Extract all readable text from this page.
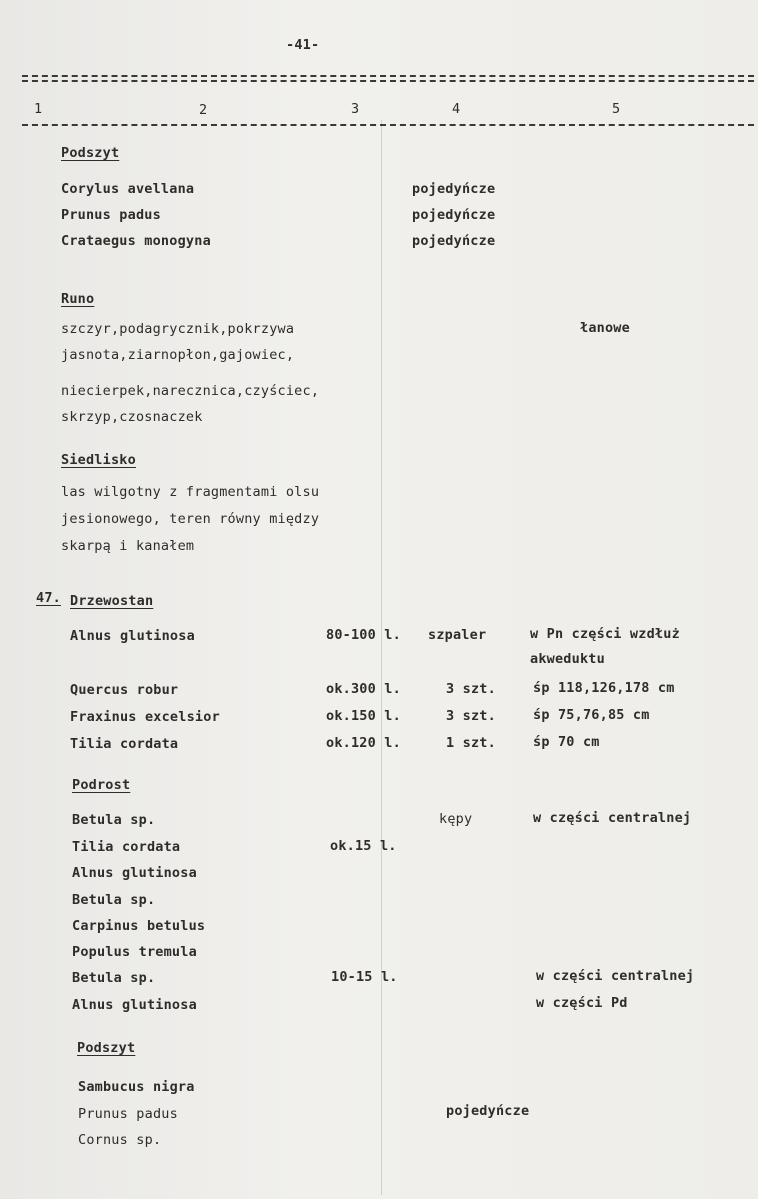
-41-
1	2	3	4	5
Podszyt
Corylus avellana	pojedyńcze
Prunus padus	pojedyńcze
Crataegus monogyna	pojedyńcze
Runo
szczyr,podagrycznik,pokrzywa	łanowe
jasnota,ziarnopłon,gajowiec,
niecierpek,narecznica,czyściec,
skrzyp,czosnaczek
Siedlisko
las wilgotny z fragmentami olsu
jesionowego, teren równy między
skarpą i kanałem
47. Drzewostan
Alnus glutinosa	80-100 l. szpaler	w Pn części wzdłuż
akweduktu
Quercus robur	ok.300 l.	3 szt.	śp 118,126,178 cm
Fraxinus excelsior	ok.150 l.	3 szt.	śp 75,76,85 cm
Tilia cordata	ok.120 l.	1 szt.	śp 70 cm
Podrost
Betula sp.	kępy	w części centralnej
Tilia cordata	ok.15 l.
Alnus glutinosa
Betula sp.
Carpinus betulus
Populus tremula
Betula sp.	10-15 l.	w części centralnej
Alnus glutinosa	w części Pd
Podszyt
Sambucus nigra
Prunus padus	pojedyńcze
Cornus sp.
